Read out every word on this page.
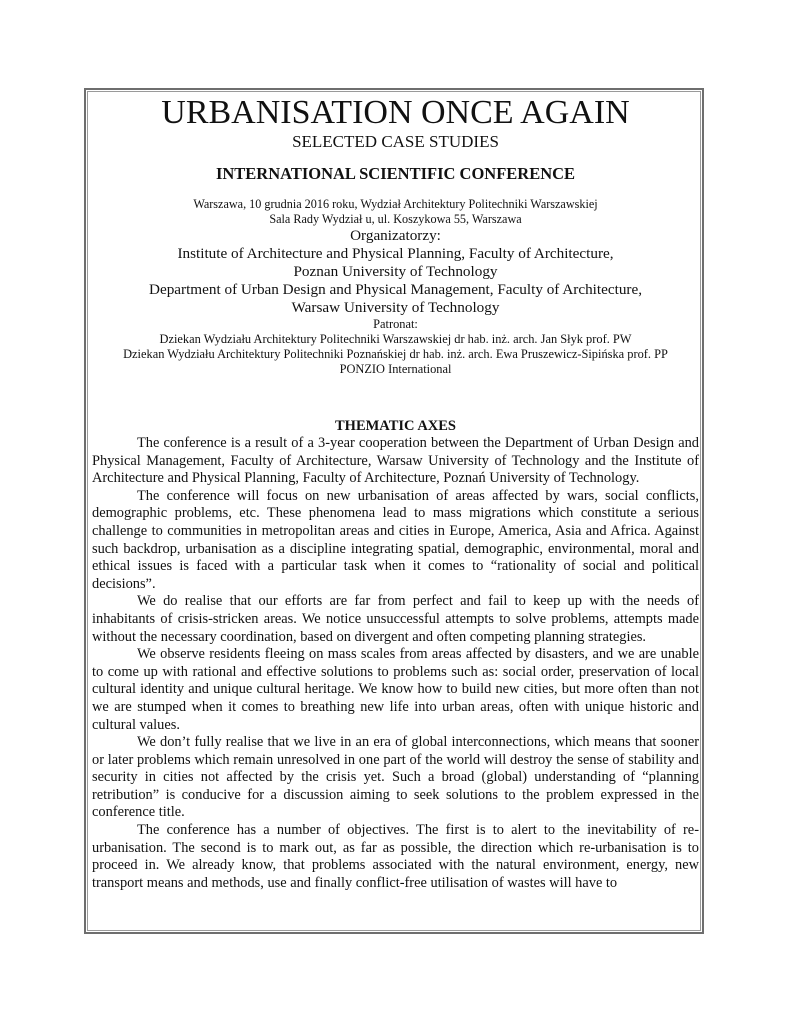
URBANISATION ONCE AGAIN
SELECTED CASE STUDIES
INTERNATIONAL SCIENTIFIC CONFERENCE
Warszawa, 10 grudnia 2016 roku, Wydział Architektury Politechniki Warszawskiej
Sala Rady Wydział u, ul. Koszykowa 55, Warszawa
Organizatorzy:
Institute of Architecture and Physical Planning, Faculty of Architecture,
Poznan University of Technology
Department of Urban Design and Physical Management, Faculty of Architecture,
Warsaw University of Technology
Patronat:
Dziekan Wydziału Architektury Politechniki Warszawskiej dr hab. inż. arch. Jan Słyk prof. PW
Dziekan Wydziału Architektury Politechniki Poznańskiej dr hab. inż. arch. Ewa Pruszewicz-Sipińska prof. PP
PONZIO International
THEMATIC AXES

The conference is a result of a 3-year cooperation between the Department of Urban Design and Physical Management, Faculty of Architecture, Warsaw University of Technology and the Institute of Architecture and Physical Planning, Faculty of Architecture, Poznań University of Technology.

The conference will focus on new urbanisation of areas affected by wars, social conflicts, demographic problems, etc. These phenomena lead to mass migrations which constitute a serious challenge to communities in metropolitan areas and cities in Europe, America, Asia and Africa. Against such backdrop, urbanisation as a discipline integrating spatial, demographic, environmental, moral and ethical issues is faced with a particular task when it comes to “rationality of social and political decisions”.

We do realise that our efforts are far from perfect and fail to keep up with the needs of inhabitants of crisis-stricken areas. We notice unsuccessful attempts to solve problems, attempts made without the necessary coordination, based on divergent and often competing planning strategies.

We observe residents fleeing on mass scales from areas affected by disasters, and we are unable to come up with rational and effective solutions to problems such as: social order, preservation of local cultural identity and unique cultural heritage. We know how to build new cities, but more often than not we are stumped when it comes to breathing new life into urban areas, often with unique historic and cultural values.

We don’t fully realise that we live in an era of global interconnections, which means that sooner or later problems which remain unresolved in one part of the world will destroy the sense of stability and security in cities not affected by the crisis yet. Such a broad (global) understanding of “planning retribution” is conducive for a discussion aiming to seek solutions to the problem expressed in the conference title.

The conference has a number of objectives. The first is to alert to the inevitability of re-urbanisation. The second is to mark out, as far as possible, the direction which re-urbanisation is to proceed in. We already know, that problems associated with the natural environment, energy, new transport means and methods, use and finally conflict-free utilisation of wastes will have to
